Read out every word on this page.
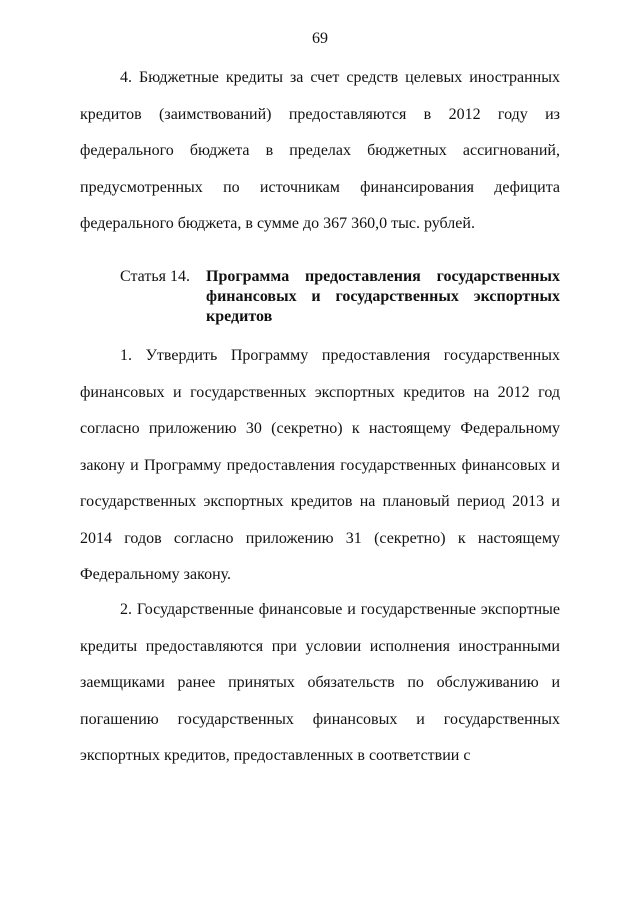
69

4. Бюджетные кредиты за счет средств целевых иностранных кредитов (заимствований) предоставляются в 2012 году из федерального бюджета в пределах бюджетных ассигнований, предусмотренных по источникам финансирования дефицита федерального бюджета, в сумме до 367 360,0 тыс. рублей.

Статья 14.	Программа предоставления государственных финансовых и государственных экспортных кредитов

1. Утвердить Программу предоставления государственных финансовых и государственных экспортных кредитов на 2012 год согласно приложению 30 (секретно) к настоящему Федеральному закону и Программу предоставления государственных финансовых и государственных экспортных кредитов на плановый период 2013 и 2014 годов согласно приложению 31 (секретно) к настоящему Федеральному закону.

2. Государственные финансовые и государственные экспортные кредиты предоставляются при условии исполнения иностранными заемщиками ранее принятых обязательств по обслуживанию и погашению государственных финансовых и государственных экспортных кредитов, предоставленных в соответствии с
